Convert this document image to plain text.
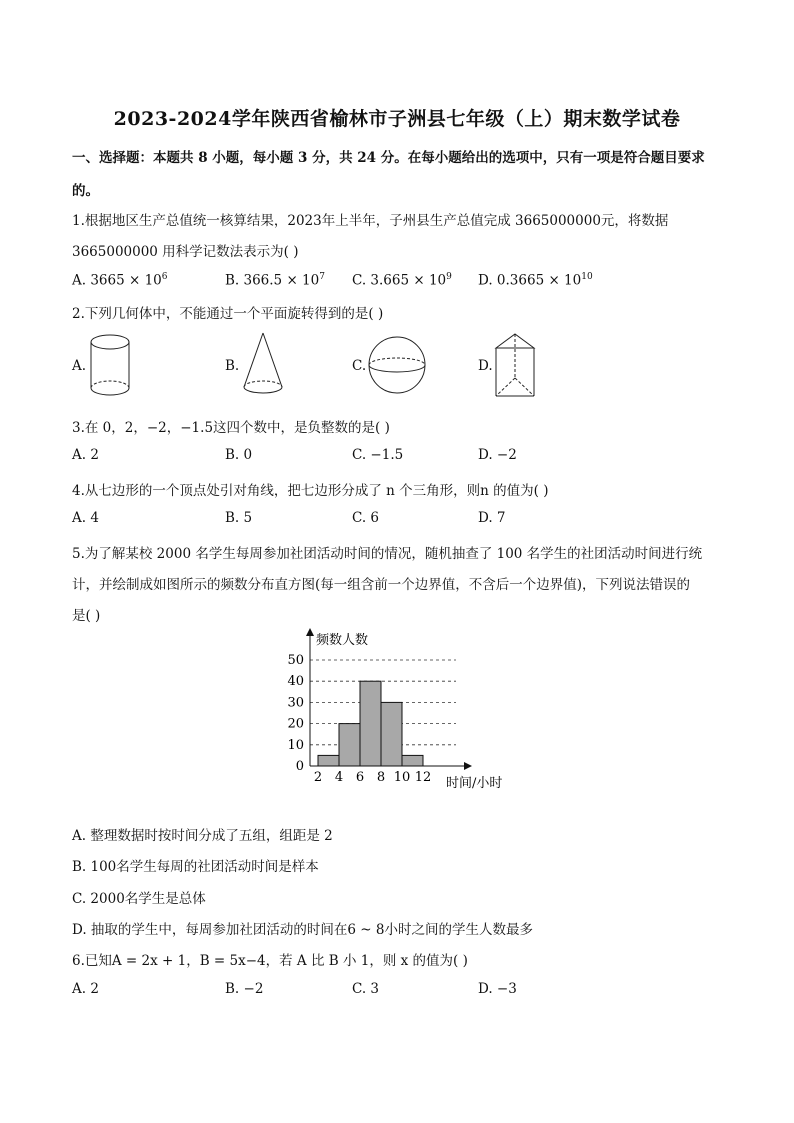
2023-2024学年陕西省榆林市子洲县七年级（上）期末数学试卷
一、选择题：本题共 8 小题，每小题 3 分，共 24 分。在每小题给出的选项中，只有一项是符合题目要求
的。
1.根据地区生产总值统一核算结果，2023年上半年，子州县生产总值完成 3665000000元，将数据
3665000000 用科学记数法表示为( )
A. $3665 \times 10^6$	B. $366.5 \times 10^7$ C. $3.665 \times 10^9$ D. $0.3665 \times 10^{10}$
2.下列几何体中，不能通过一个平面旋转得到的是( )
A.	B.	C.	D.
3.在 0，2，−2，−1.5这四个数中，是负整数的是( )
A. 2	B. 0	C. −1.5	D. −2
4.从七边形的一个顶点处引对角线，把七边形分成了 n 个三角形，则n 的值为( )
A. 4	B. 5	C. 6	D. 7
5.为了解某校 2000 名学生每周参加社团活动时间的情况，随机抽查了 100 名学生的社团活动时间进行统
计，并绘制成如图所示的频数分布直方图(每一组含前一个边界值，不含后一个边界值)，下列说法错误的
是( )
0
10
20
30
40
50
2 4 6 8 10 12
频数人数
时间/小时
A. 整理数据时按时间分成了五组，组距是 2
B. 100名学生每周的社团活动时间是样本
C. 2000名学生是总体
D. 抽取的学生中，每周参加社团活动的时间在6 ~ 8小时之间的学生人数最多
6.已知A = 2x + 1，B = 5x−4，若 A 比 B 小 1，则 x 的值为( )
A. 2	B. −2	C. 3	D. −3
